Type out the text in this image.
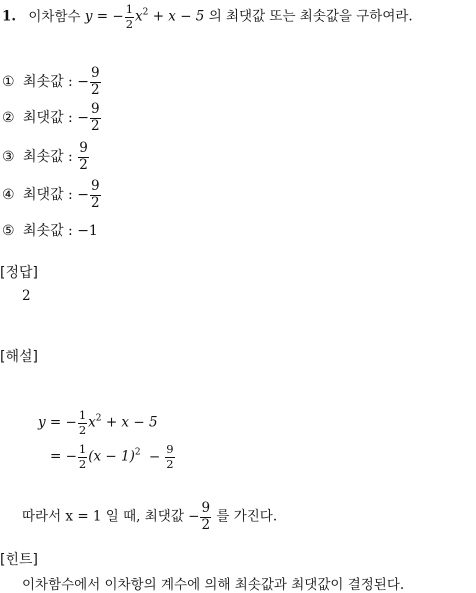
1. 이차함수 y = − $\frac{1}{2} x^2 + x - 5$ 의 최댓값 또는 최솟값을 구하여라.
① 최솟값 : − $\frac{9}{2}$
② 최댓값 : − $\frac{9}{2}$
③ 최솟값 : $\frac{9}{2}$
④ 최댓값 : − $\frac{9}{2}$
⑤ 최솟값 : −1
[정답]
2
[해설]
y = − $\frac{1}{2} x^2 + x - 5$
= − $\frac{1}{2} (x - 1)^2 - \frac{9}{2}$
따라서 x = 1 일 때, 최댓값 − $\frac{9}{2}$ 를 가진다.
[힌트]
이차함수에서 이차항의 계수에 의해 최솟값과 최댓값이 결정된다.
